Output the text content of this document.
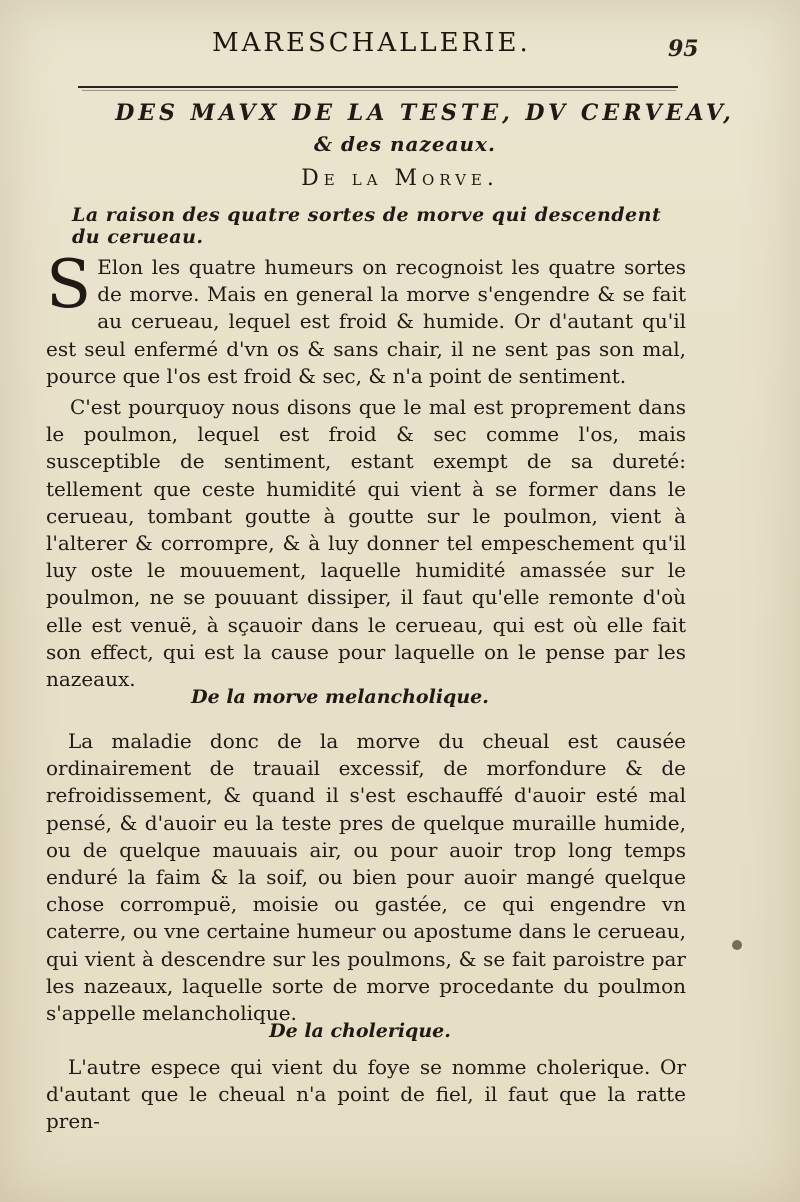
MARESCHALLERIE.	95
DES MAVX DE LA TESTE, DV CERVEAV,
& des nazeaux.
De la Morve.
La raison des quatre sortes de morve qui descendent du cerueau.
S Elon les quatre humeurs on recognoist les quatre sortes de morve. Mais en general la morve s'engendre & se fait au cerueau, lequel est froid & humide. Or d'autant qu'il est seul enfermé d'vn os & sans chair, il ne sent pas son mal, pource que l'os est froid & sec, & n'a point de sentiment.
C'est pourquoy nous disons que le mal est proprement dans le poulmon, lequel est froid & sec comme l'os, mais susceptible de sentiment, estant exempt de sa dureté: tellement que ceste humidité qui vient à se former dans le cerueau, tombant goutte à goutte sur le poulmon, vient à l'alterer & corrompre, & à luy donner tel empeschement qu'il luy oste le mouuement, laquelle humidité amassée sur le poulmon, ne se pouuant dissiper, il faut qu'elle remonte d'où elle est venuë, à sçauoir dans le cerueau, qui est où elle fait son effect, qui est la cause pour laquelle on le pense par les nazeaux.
De la morve melancholique.
La maladie donc de la morve du cheual est causée ordinairement de trauail excessif, de morfondure & de refroidissement, & quand il s'est eschauffé d'auoir esté mal pensé, & d'auoir eu la teste pres de quelque muraille humide, ou de quelque mauuais air, ou pour auoir trop long temps enduré la faim & la soif, ou bien pour auoir mangé quelque chose corrompuë, moisie ou gastée, ce qui engendre vn caterre, ou vne certaine humeur ou apostume dans le cerueau, qui vient à descendre sur les poulmons, & se fait paroistre par les nazeaux, laquelle sorte de morve procedante du poulmon s'appelle melancholique.
De la cholerique.
L'autre espece qui vient du foye se nomme cholerique. Or d'autant que le cheual n'a point de fiel, il faut que la ratte pren-
